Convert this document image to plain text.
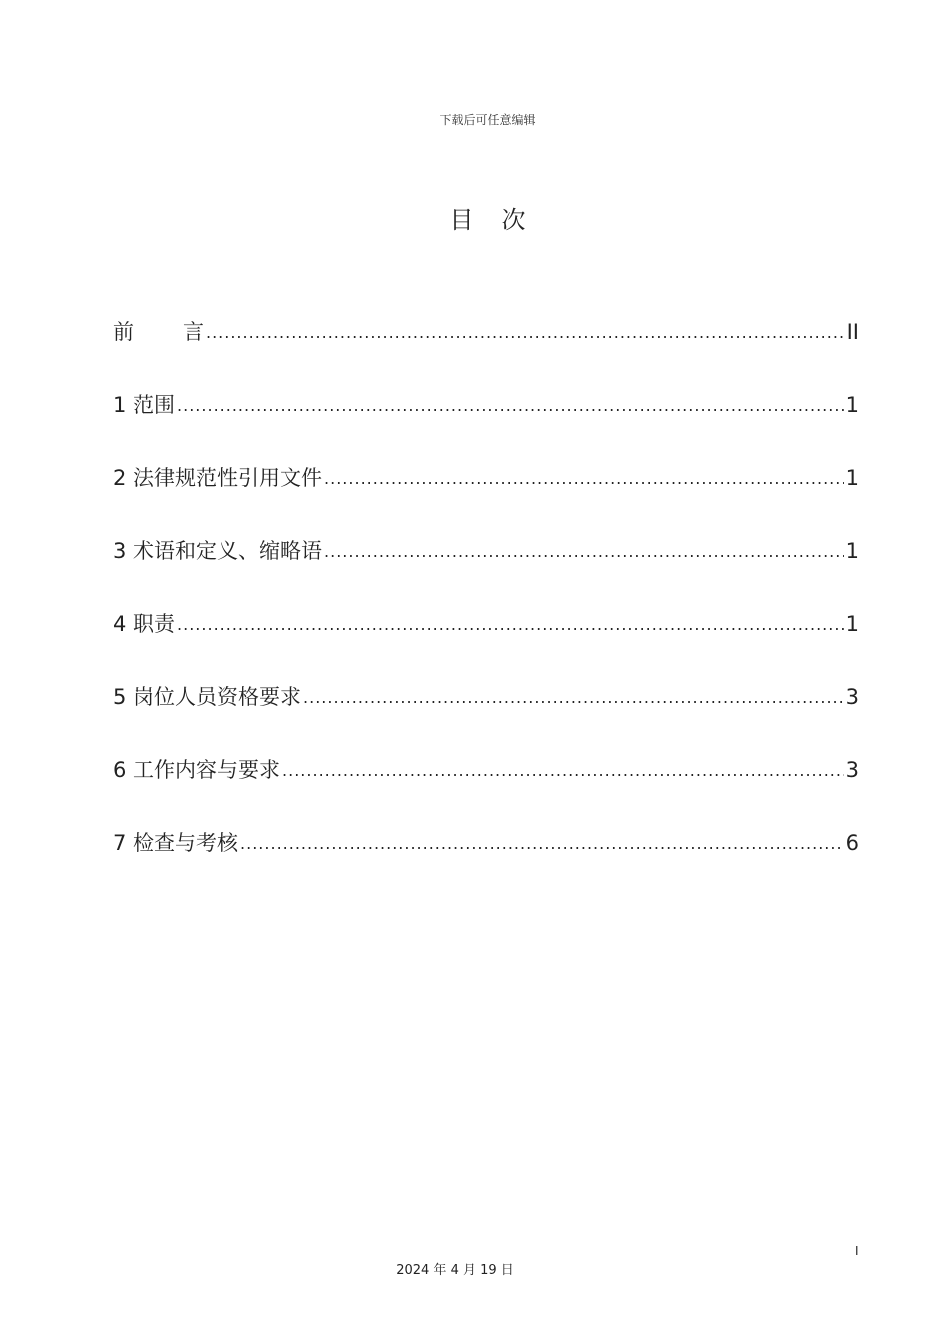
下载后可任意编辑
目 次
前 言 .....	II
1 范围 .....	1
2 法律规范性引用文件 .....	1
3 术语和定义、缩略语 .....	1
4 职责 .....	1
5 岗位人员资格要求 .....	3
6 工作内容与要求 .....	3
7 检查与考核 .....	6
I
2024 年 4 月 19 日
